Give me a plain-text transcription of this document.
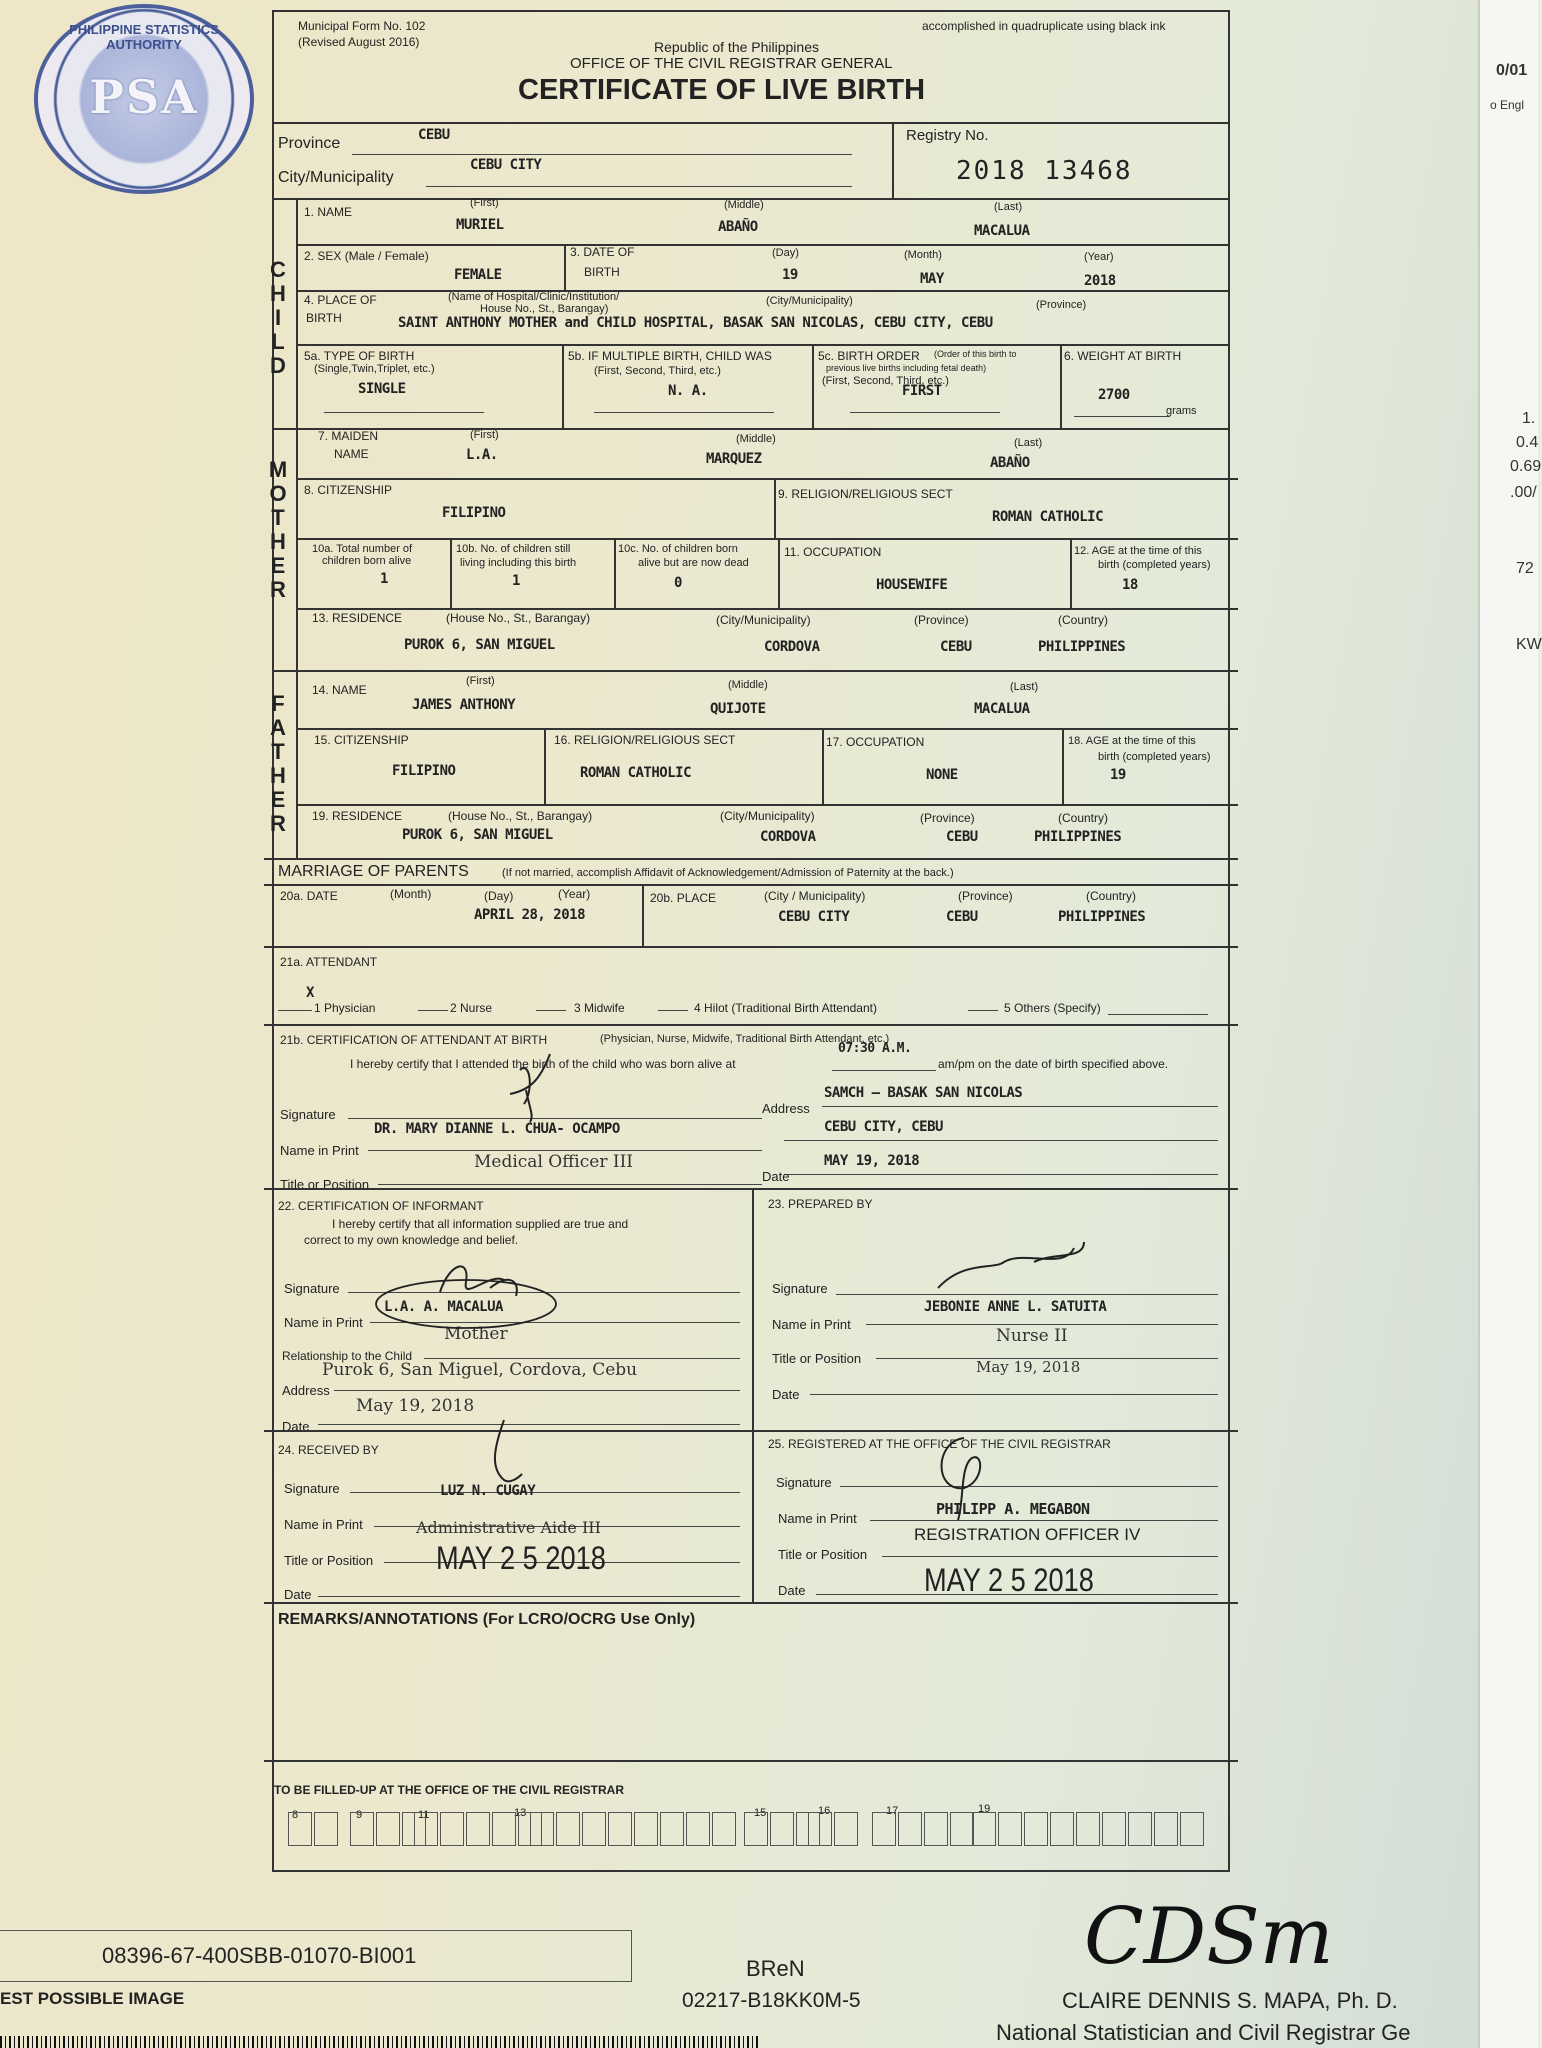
0/01
o Engl
1.
0.4
0.69
.00/
72
KW
PHILIPPINE STATISTICS AUTHORITY
PSA
Municipal Form No. 102
(Revised August 2016)
accomplished in quadruplicate using black ink
Republic of the Philippines
OFFICE OF THE CIVIL REGISTRAR GENERAL
CERTIFICATE OF LIVE BIRTH
Province	CEBU
City/Municipality
CEBU CITY
Registry No.
2018 13468
C
H
I
L
D
1. NAME
(First)	(Middle)	(Last)
MURIEL	ABAÑO	MACALUA
2. SEX (Male / Female)
FEMALE
3. DATE OF
BIRTH
(Day)	(Month)	(Year)
19	MAY	2018
4. PLACE OF
BIRTH
(Name of Hospital/Clinic/Institution/
House No., St., Barangay)
(City/Municipality)	(Province)
SAINT ANTHONY MOTHER and CHILD HOSPITAL, BASAK SAN NICOLAS, CEBU CITY, CEBU
5a. TYPE OF BIRTH
(Single,Twin,Triplet, etc.)
SINGLE
5b. IF MULTIPLE BIRTH, CHILD WAS
(First, Second, Third, etc.)
N. A.
5c. BIRTH ORDER (Order of this birth to
previous live births including fetal death)
(First, Second, Third, etc.)
FIRST
6. WEIGHT AT BIRTH
2700
grams
M
O
T
H
E
R
7. MAIDEN
NAME
(First)	(Middle)	(Last)
L.A.	MARQUEZ	ABAÑO
8. CITIZENSHIP
FILIPINO
9. RELIGION/RELIGIOUS SECT
ROMAN CATHOLIC
10a. Total number of
children born alive
1
10b. No. of children still
living including this birth
1
10c. No. of children born
alive but are now dead
0
11. OCCUPATION
HOUSEWIFE
12. AGE at the time of this
birth (completed years)
18
13. RESIDENCE	(House No., St., Barangay)	(City/Municipality)	(Province)	(Country)
PUROK 6, SAN MIGUEL	CORDOVA	CEBU	PHILIPPINES
F
A
T
H
E
R
14. NAME
(First)	(Middle)	(Last)
JAMES ANTHONY	QUIJOTE	MACALUA
15. CITIZENSHIP
FILIPINO
16. RELIGION/RELIGIOUS SECT
ROMAN CATHOLIC
17. OCCUPATION
NONE
18. AGE at the time of this
birth (completed years)
19
19. RESIDENCE	(House No., St., Barangay)	(City/Municipality)	(Province)	(Country)
PUROK 6, SAN MIGUEL	CORDOVA	CEBU	PHILIPPINES
MARRIAGE OF PARENTS	(If not married, accomplish Affidavit of Acknowledgement/Admission of Paternity at the back.)
20a. DATE	(Month)	(Day)	(Year)
APRIL 28, 2018
20b. PLACE	(City / Municipality)	(Province)	(Country)
CEBU CITY	CEBU	PHILIPPINES
21a. ATTENDANT
X
1 Physician	2 Nurse	3 Midwife	4 Hilot (Traditional Birth Attendant)	5 Others (Specify)
21b. CERTIFICATION OF ATTENDANT AT BIRTH	(Physician, Nurse, Midwife, Traditional Birth Attendant, etc.)
I hereby certify that I attended the birth of the child who was born alive at
07:30 A.M.
am/pm on the date of birth specified above.
Signature
DR. MARY DIANNE L. CHUA- OCAMPO
Name in Print
Medical Officer III
Title or Position
Address
SAMCH – BASAK SAN NICOLAS
CEBU CITY, CEBU
MAY 19, 2018
Date
22. CERTIFICATION OF INFORMANT
I hereby certify that all information supplied are true and
correct to my own knowledge and belief.
Signature
Name in Print
L.A. A. MACALUA
Mother
Relationship to the Child
Purok 6, San Miguel, Cordova, Cebu
Address
May 19, 2018
Date
23. PREPARED BY
Signature
JEBONIE ANNE L. SATUITA
Name in Print
Nurse II
Title or Position	May 19, 2018
Date
24. RECEIVED BY
Signature	LUZ N. CUGAY
Name in Print	Administrative Aide III
Title or Position MAY 2 5 2018
Date
25. REGISTERED AT THE OFFICE OF THE CIVIL REGISTRAR
Signature
PHILIPP A. MEGABON
Name in Print
REGISTRATION OFFICER IV
Title or Position
MAY 2 5 2018
Date
REMARKS/ANNOTATIONS (For LCRO/OCRG Use Only)
TO BE FILLED-UP AT THE OFFICE OF THE CIVIL REGISTRAR
8	9	11	13	15	16	17	19
08396-67-400SBB-01070-BI001
EST POSSIBLE IMAGE
BReN
02217-B18KK0M-5
CDSm
CLAIRE DENNIS S. MAPA, Ph. D.
National Statistician and Civil Registrar Ge
